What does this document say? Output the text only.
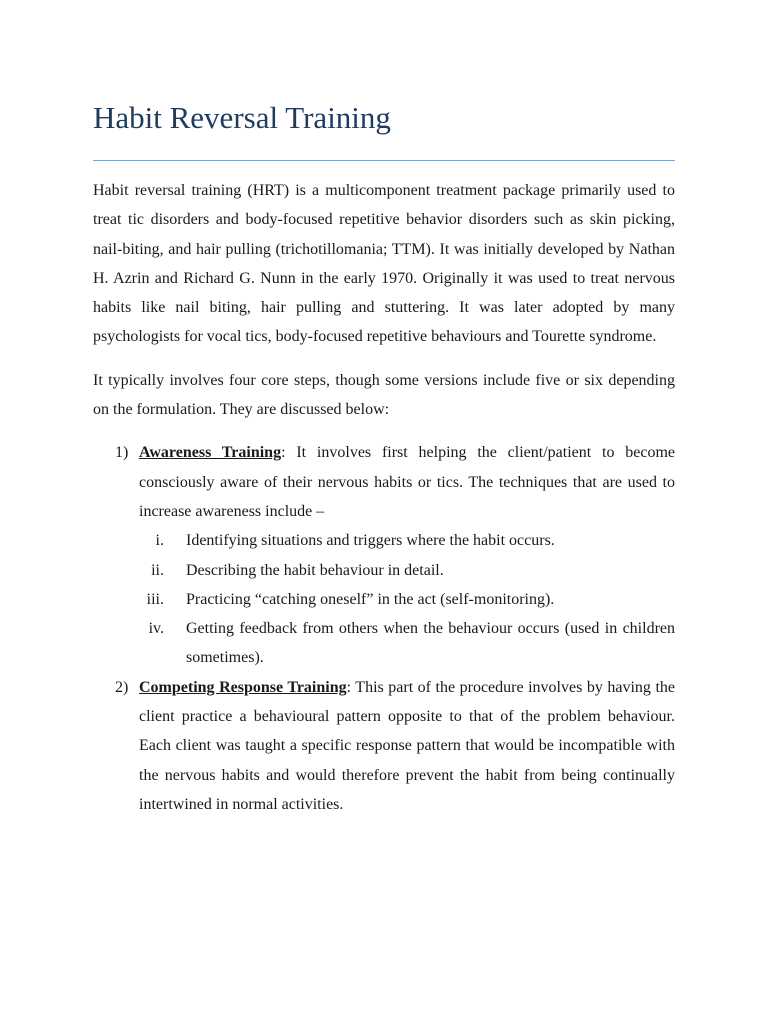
Habit Reversal Training

Habit reversal training (HRT) is a multicomponent treatment package primarily used to treat tic disorders and body-focused repetitive behavior disorders such as skin picking, nail-biting, and hair pulling (trichotillomania; TTM). It was initially developed by Nathan H. Azrin and Richard G. Nunn in the early 1970. Originally it was used to treat nervous habits like nail biting, hair pulling and stuttering. It was later adopted by many psychologists for vocal tics, body-focused repetitive behaviours and Tourette syndrome.

It typically involves four core steps, though some versions include five or six depending on the formulation. They are discussed below:

1) Awareness Training: It involves first helping the client/patient to become consciously aware of their nervous habits or tics. The techniques that are used to increase awareness include –
i. Identifying situations and triggers where the habit occurs.
ii. Describing the habit behaviour in detail.
iii. Practicing “catching oneself” in the act (self-monitoring).
iv. Getting feedback from others when the behaviour occurs (used in children sometimes).
2) Competing Response Training: This part of the procedure involves by having the client practice a behavioural pattern opposite to that of the problem behaviour. Each client was taught a specific response pattern that would be incompatible with the nervous habits and would therefore prevent the habit from being continually intertwined in normal activities.
